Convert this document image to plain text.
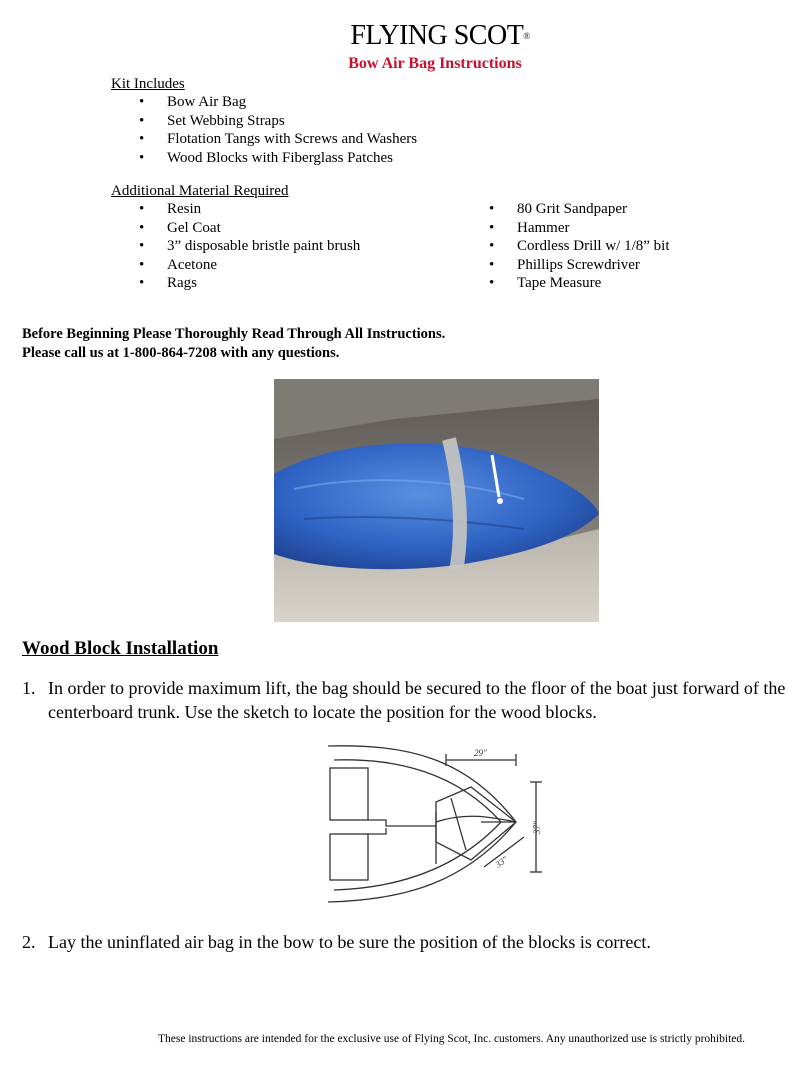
FLYING SCOT®
Bow Air Bag Instructions
Kit Includes
• Bow Air Bag
• Set Webbing Straps
• Flotation Tangs with Screws and Washers
• Wood Blocks with Fiberglass Patches
Additional Material Required
• Resin
• Gel Coat
• 3” disposable bristle paint brush
• Acetone
• Rags
• 80 Grit Sandpaper
• Hammer
• Cordless Drill w/ 1/8” bit
• Phillips Screwdriver
• Tape Measure
Before Beginning Please Thoroughly Read Through All Instructions.
Please call us at 1-800-864-7208 with any questions.
Wood Block Installation
1. In order to provide maximum lift, the bag should be secured to the floor of the boat just forward of the centerboard trunk. Use the sketch to locate the position for the wood blocks.
29"
37"
33"
2. Lay the uninflated air bag in the bow to be sure the position of the blocks is correct.
These instructions are intended for the exclusive use of Flying Scot, Inc. customers. Any unauthorized use is strictly prohibited.
